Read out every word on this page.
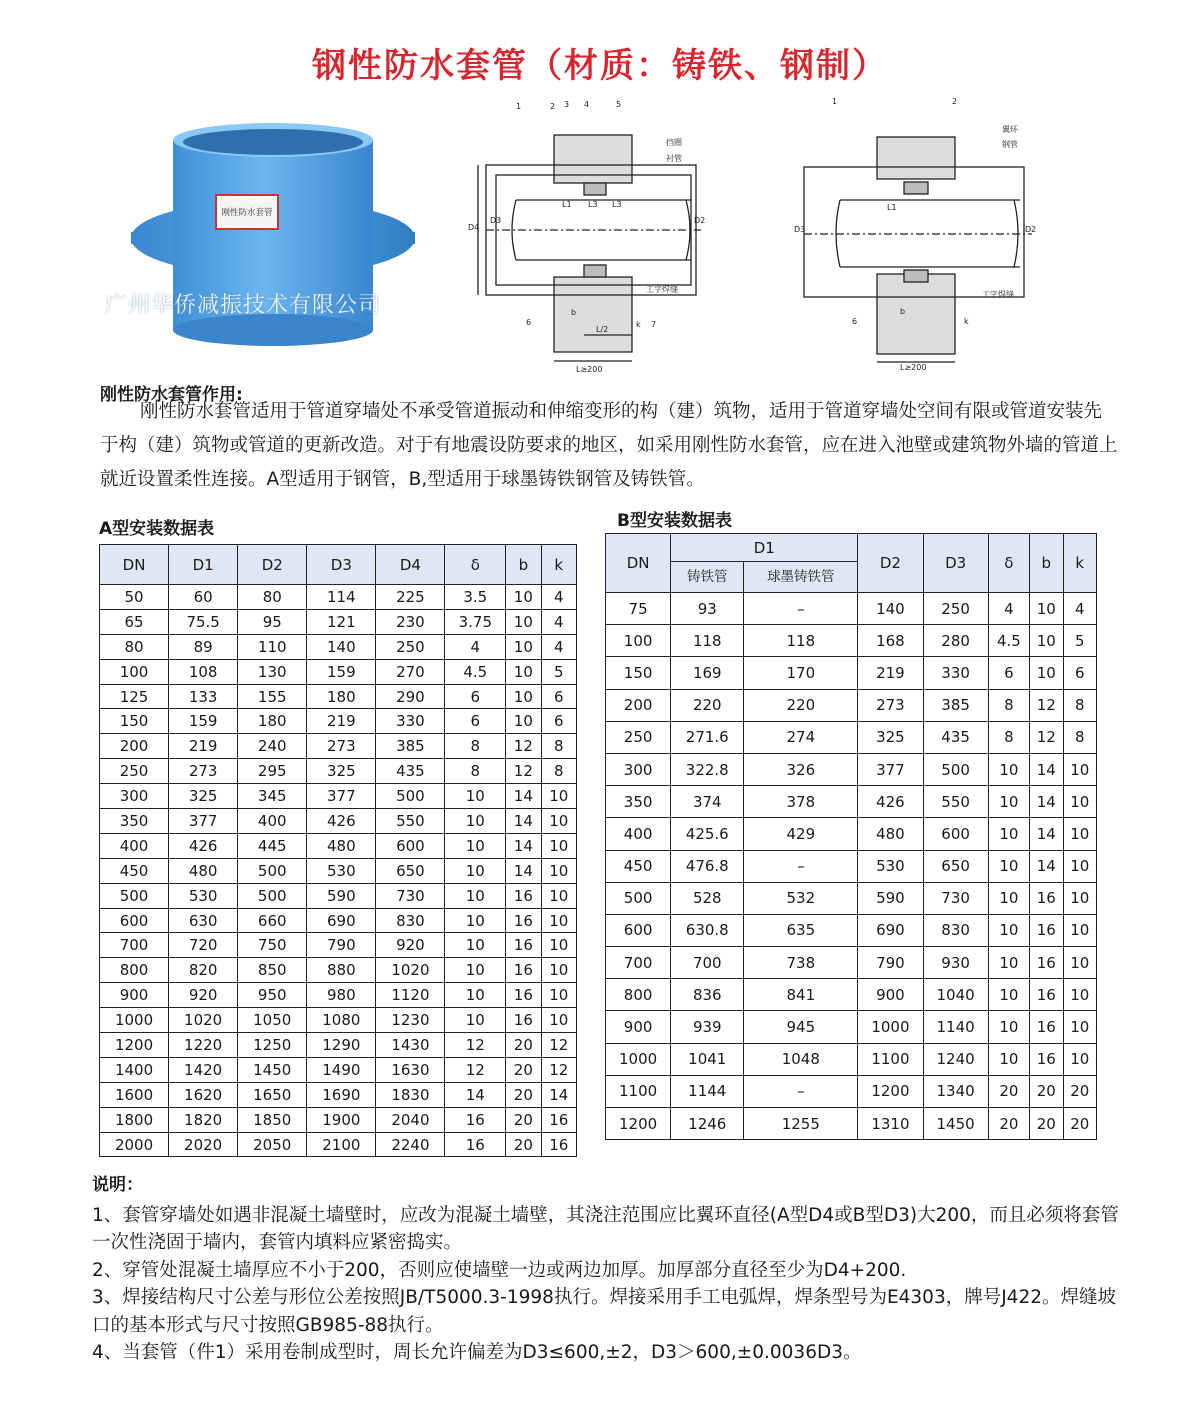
钢性防水套管（材质：铸铁、钢制）
刚性防水套管
广州华侨减振技术有限公司
1	2 3 4	5
挡圈
衬管
D4
D3	D2
L≥200
b
L/2
k
6	7
工字焊缝
L1 L3 L3
1	2
翼环
钢管
L≥200
k
6
b
D3
L1
D2
工字焊缝
刚性防水套管作用:
刚性防水套管适用于管道穿墙处不承受管道振动和伸缩变形的构（建）筑物，适用于管道穿墙处空间有限或管道安装先于构（建）筑物或管道的更新改造。对于有地震设防要求的地区，如采用刚性防水套管，应在进入池壁或建筑物外墙的管道上就近设置柔性连接。A型适用于钢管，B,型适用于球墨铸铁钢管及铸铁管。
A型安装数据表
DN	D1	D2	D3	D4	δ	b	k
50	60	80	114	225	3.5	10	4
65	75.5	95	121	230	3.75	10	4
80	89	110	140	250	4	10	4
100	108	130	159	270	4.5	10	5
125	133	155	180	290	6	10	6
150	159	180	219	330	6	10	6
200	219	240	273	385	8	12	8
250	273	295	325	435	8	12	8
300	325	345	377	500	10	14	10
350	377	400	426	550	10	14	10
400	426	445	480	600	10	14	10
450	480	500	530	650	10	14	10
500	530	500	590	730	10	16	10
600	630	660	690	830	10	16	10
700	720	750	790	920	10	16	10
800	820	850	880	1020	10	16	10
900	920	950	980	1120	10	16	10
1000	1020	1050	1080	1230	10	16	10
1200	1220	1250	1290	1430	12	20	12
1400	1420	1450	1490	1630	12	20	12
1600	1620	1650	1690	1830	14	20	14
1800	1820	1850	1900	2040	16	20	16
2000	2020	2050	2100	2240	16	20	16
B型安装数据表
DN	D1		D2	D3	δ	b	k
	铸铁管	球墨铸铁管					
75	93	–	140	250	4	10	4
100	118	118	168	280	4.5	10	5
150	169	170	219	330	6	10	6
200	220	220	273	385	8	12	8
250	271.6	274	325	435	8	12	8
300	322.8	326	377	500	10	14	10
350	374	378	426	550	10	14	10
400	425.6	429	480	600	10	14	10
450	476.8	–	530	650	10	14	10
500	528	532	590	730	10	16	10
600	630.8	635	690	830	10	16	10
700	700	738	790	930	10	16	10
800	836	841	900	1040	10	16	10
900	939	945	1000	1140	10	16	10
1000	1041	1048	1100	1240	10	16	10
1100	1144	–	1200	1340	20	20	20
1200	1246	1255	1310	1450	20	20	20
说明：

1、套管穿墙处如遇非混凝土墙壁时，应改为混凝土墙壁，其浇注范围应比翼环直径(A型D4或B型D3)大200，而且必须将套管一次性浇固于墙内，套管内填料应紧密捣实。

2、穿管处混凝土墙厚应不小于200，否则应使墙壁一边或两边加厚。加厚部分直径至少为D4+200.

3、焊接结构尺寸公差与形位公差按照JB/T5000.3-1998执行。焊接采用手工电弧焊，焊条型号为E4303，牌号J422。焊缝坡口的基本形式与尺寸按照GB985-88执行。

4、当套管（件1）采用卷制成型时，周长允许偏差为D3≤600,±2，D3＞600,±0.0036D3。
